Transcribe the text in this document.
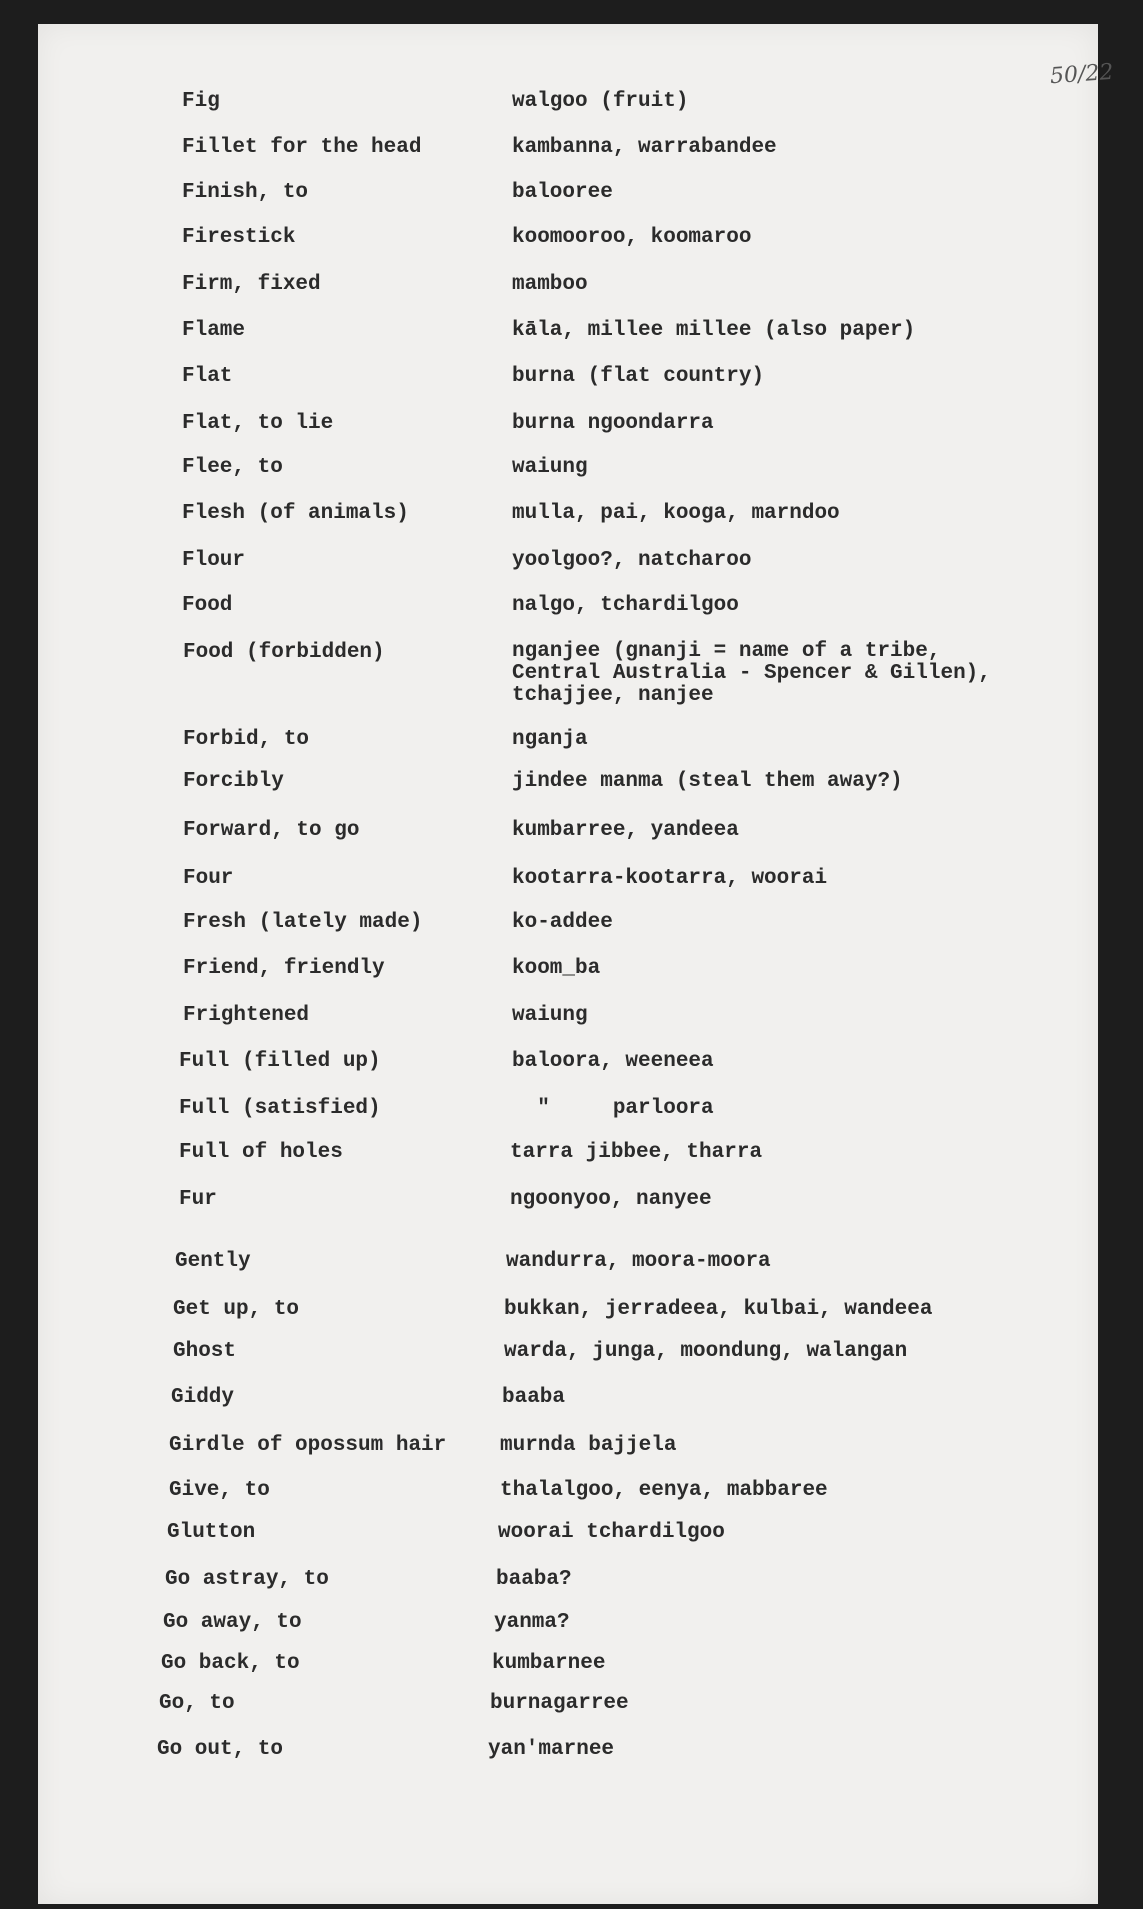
50/22
Fig	walgoo (fruit)
Fillet for the head	kambanna, warrabandee
Finish, to	balooree
Firestick	koomooroo, koomaroo
Firm, fixed	mamboo
Flame	kāla, millee millee (also paper)
Flat	burna (flat country)
Flat, to lie	burna ngoondarra
Flee, to	waiung
Flesh (of animals)	mulla, pai, kooga, marndoo
Flour	yoolgoo?, natcharoo
Food	nalgo, tchardilgoo
Food (forbidden)	nganjee (gnanji = name of a tribe,
Central Australia - Spencer & Gillen),
tchajjee, nanjee
Forbid, to	nganja
Forcibly	jindee manma (steal them away?)
Forward, to go	kumbarree, yandeea
Four	kootarra-kootarra, woorai
Fresh (lately made)	ko-addee
Friend, friendly	koom_ba
Frightened	waiung
Full (filled up)	baloora, weeneea
Full (satisfied)	"     parloora
Full of holes	tarra jibbee, tharra
Fur	ngoonyoo, nanyee
Gently	wandurra, moora-moora
Get up, to	bukkan, jerradeea, kulbai, wandeea
Ghost	warda, junga, moondung, walangan
Giddy	baaba
Girdle of opossum hair	murnda bajjela
Give, to	thalalgoo, eenya, mabbaree
Glutton	woorai tchardilgoo
Go astray, to	baaba?
Go away, to	yanma?
Go back, to	kumbarnee
Go, to	burnagarree
Go out, to	yan'marnee
